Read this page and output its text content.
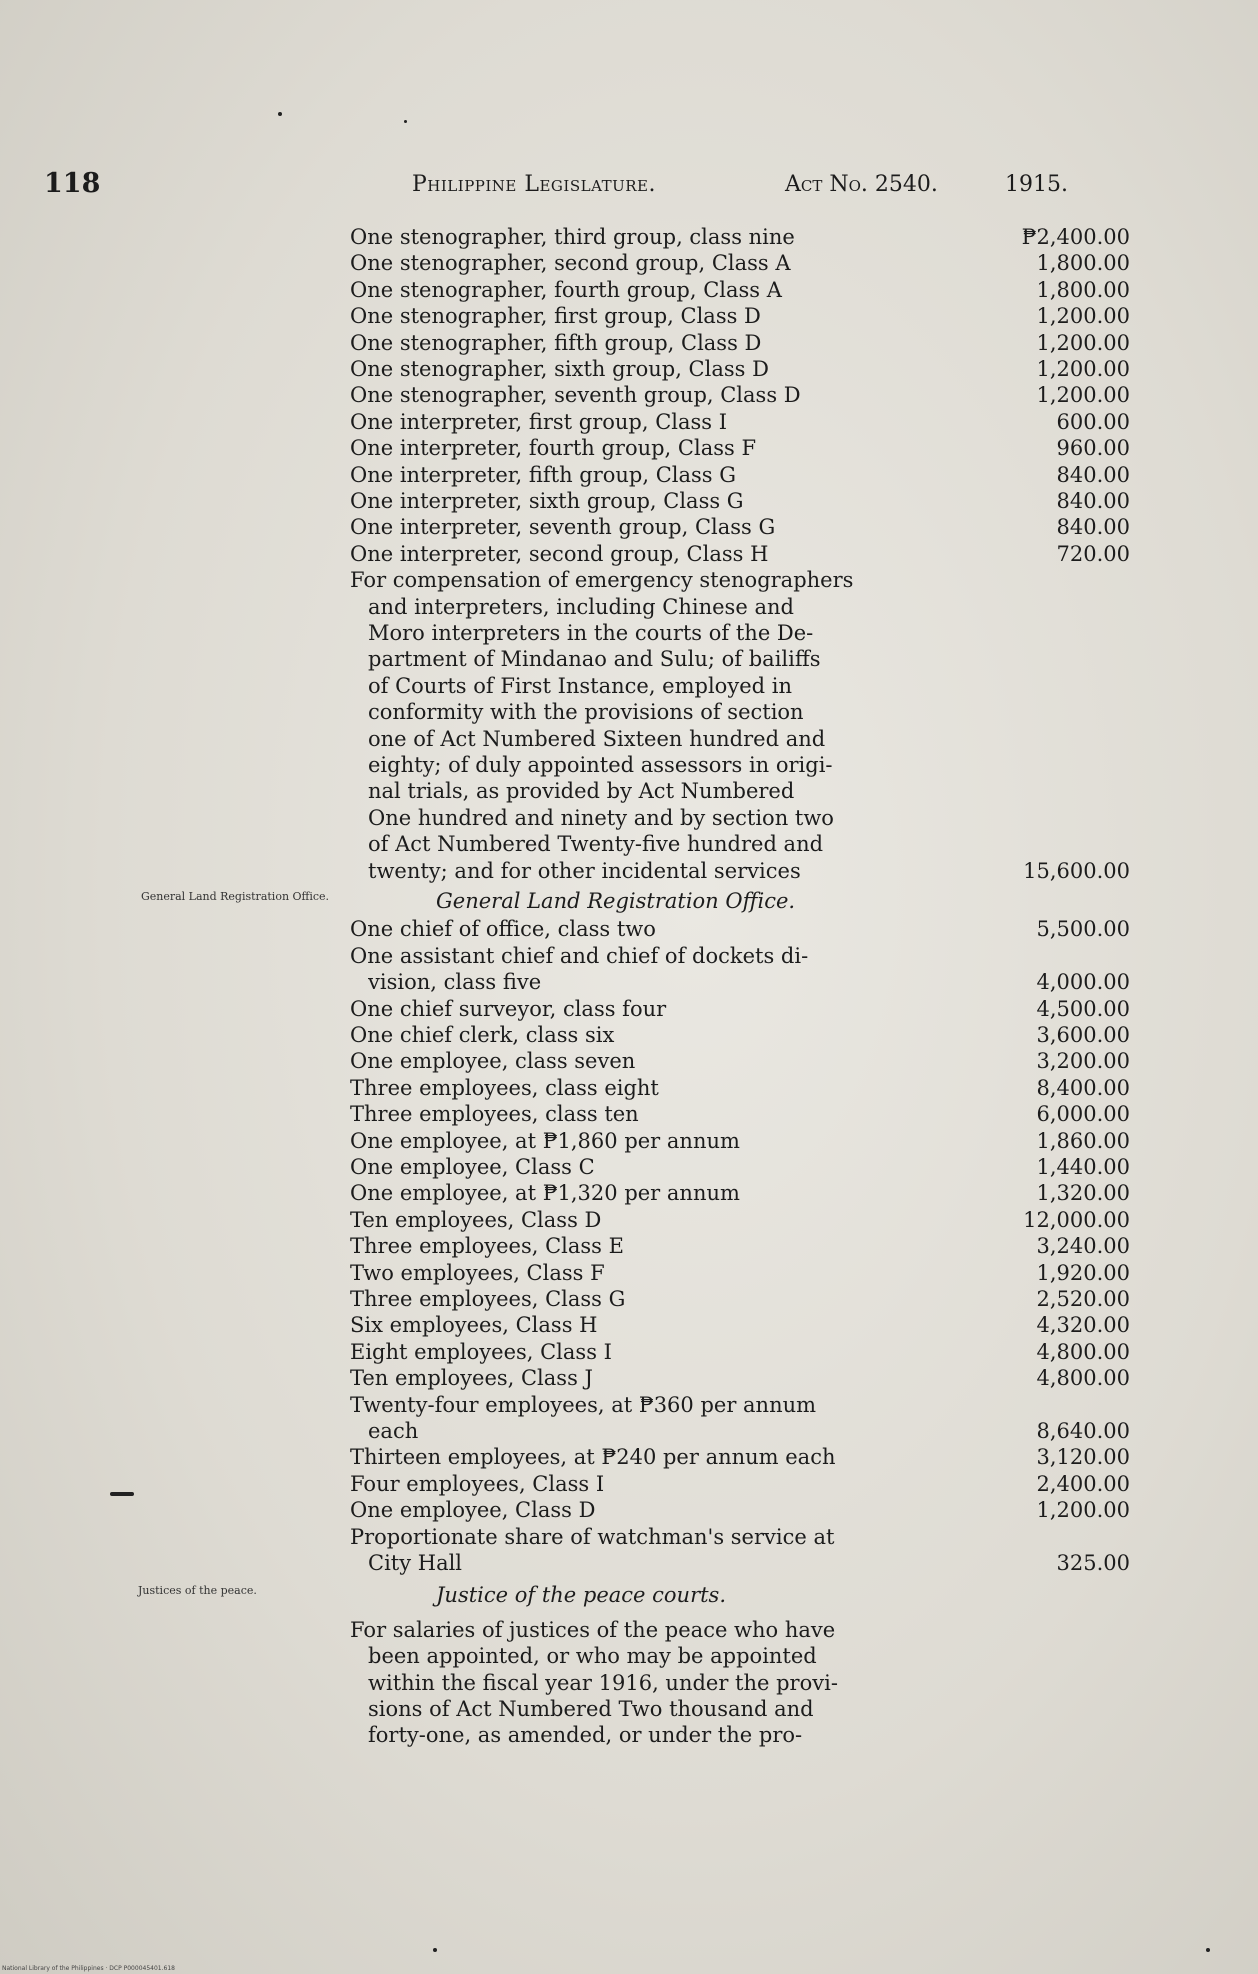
118	Philippine Legislature.	Act No. 2540.	1915.
One stenographer, third group, class nine	₱2,400.00
One stenographer, second group, Class A	1,800.00
One stenographer, fourth group, Class A	1,800.00
One stenographer, first group, Class D	1,200.00
One stenographer, fifth group, Class D	1,200.00
One stenographer, sixth group, Class D	1,200.00
One stenographer, seventh group, Class D	1,200.00
One interpreter, first group, Class I	600.00
One interpreter, fourth group, Class F	960.00
One interpreter, fifth group, Class G	840.00
One interpreter, sixth group, Class G	840.00
One interpreter, seventh group, Class G	840.00
One interpreter, second group, Class H	720.00
For compensation of emergency stenographers
and interpreters, including Chinese and
Moro interpreters in the courts of the De-
partment of Mindanao and Sulu; of bailiffs
of Courts of First Instance, employed in
conformity with the provisions of section
one of Act Numbered Sixteen hundred and
eighty; of duly appointed assessors in origi-
nal trials, as provided by Act Numbered
One hundred and ninety and by section two
of Act Numbered Twenty-five hundred and
twenty; and for other incidental services	15,600.00
General Land Registration Office.	General Land Registration Office.
One chief of office, class two	5,500.00
One assistant chief and chief of dockets di-
vision, class five	4,000.00
One chief surveyor, class four	4,500.00
One chief clerk, class six	3,600.00
One employee, class seven	3,200.00
Three employees, class eight	8,400.00
Three employees, class ten	6,000.00
One employee, at ₱1,860 per annum	1,860.00
One employee, Class C	1,440.00
One employee, at ₱1,320 per annum	1,320.00
Ten employees, Class D	12,000.00
Three employees, Class E	3,240.00
Two employees, Class F	1,920.00
Three employees, Class G	2,520.00
Six employees, Class H	4,320.00
Eight employees, Class I	4,800.00
Ten employees, Class J	4,800.00
Twenty-four employees, at ₱360 per annum
each	8,640.00
Thirteen employees, at ₱240 per annum each	3,120.00
Four employees, Class I	2,400.00
One employee, Class D	1,200.00
Proportionate share of watchman's service at
City Hall	325.00
Justices of the peace.	Justice of the peace courts.
For salaries of justices of the peace who have
been appointed, or who may be appointed
within the fiscal year 1916, under the provi-
sions of Act Numbered Two thousand and
forty-one, as amended, or under the pro-
National Library of the Philippines · DCP P000045401.618
